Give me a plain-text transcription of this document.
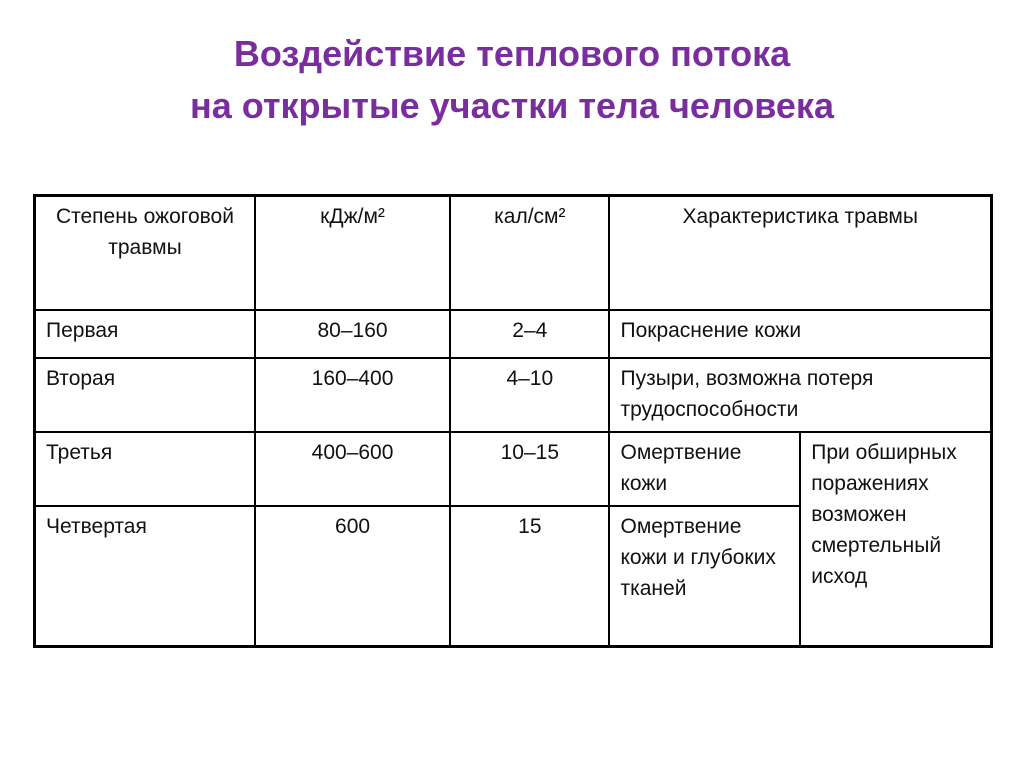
Воздействие теплового потока
на открытые участки тела человека
Степень ожоговой травмы	кДж/м²	кал/см²	Характеристика травмы	
Первая	80–160	2–4	Покраснение кожи	
Вторая	160–400	4–10	Пузыри, возможна потеря трудоспособности	
Третья	400–600	10–15	Омертвение кожи	При обширных поражениях возможен смертельный исход
Четвертая	600	15	Омертвение кожи и глубоких тканей	
